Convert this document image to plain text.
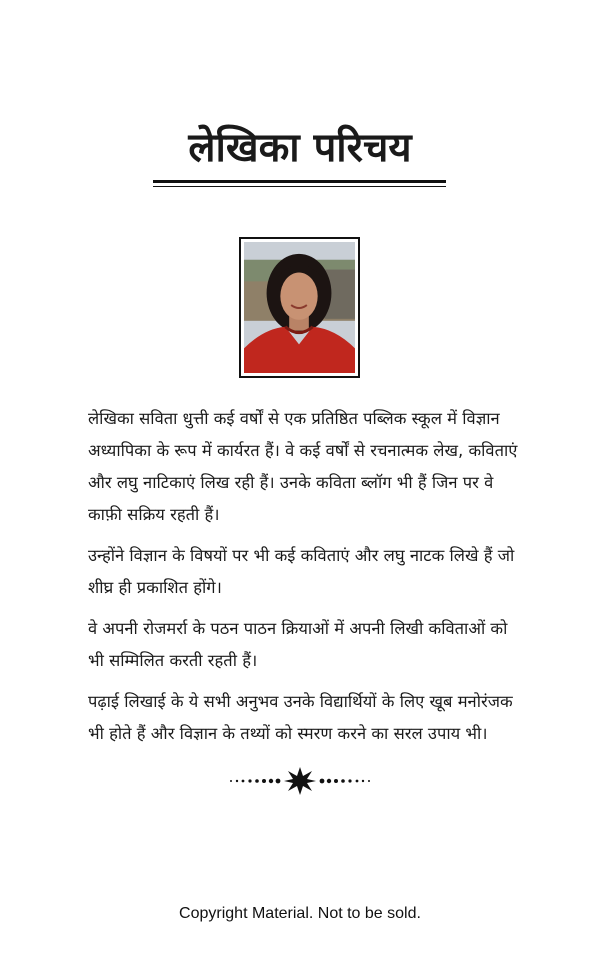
लेखिका परिचय

लेखिका सविता धुत्ती कई वर्षों से एक प्रतिष्ठित पब्लिक स्कूल में विज्ञान अध्यापिका के रूप में कार्यरत हैं। वे कई वर्षों से रचनात्मक लेख, कविताएं और लघु नाटिकाएं लिख रही हैं। उनके कविता ब्लॉग भी हैं जिन पर वे काफ़ी सक्रिय रहती हैं।

उन्होंने विज्ञान के विषयों पर भी कई कविताएं और लघु नाटक लिखे हैं जो शीघ्र ही प्रकाशित होंगे।

वे अपनी रोजमर्रा के पठन पाठन क्रियाओं में अपनी लिखी कविताओं को भी सम्मिलित करती रहती हैं।

पढ़ाई लिखाई के ये सभी अनुभव उनके विद्यार्थियों के लिए खूब मनोरंजक भी होते हैं और विज्ञान के तथ्यों को स्मरण करने का सरल उपाय भी।

Copyright Material. Not to be sold.
